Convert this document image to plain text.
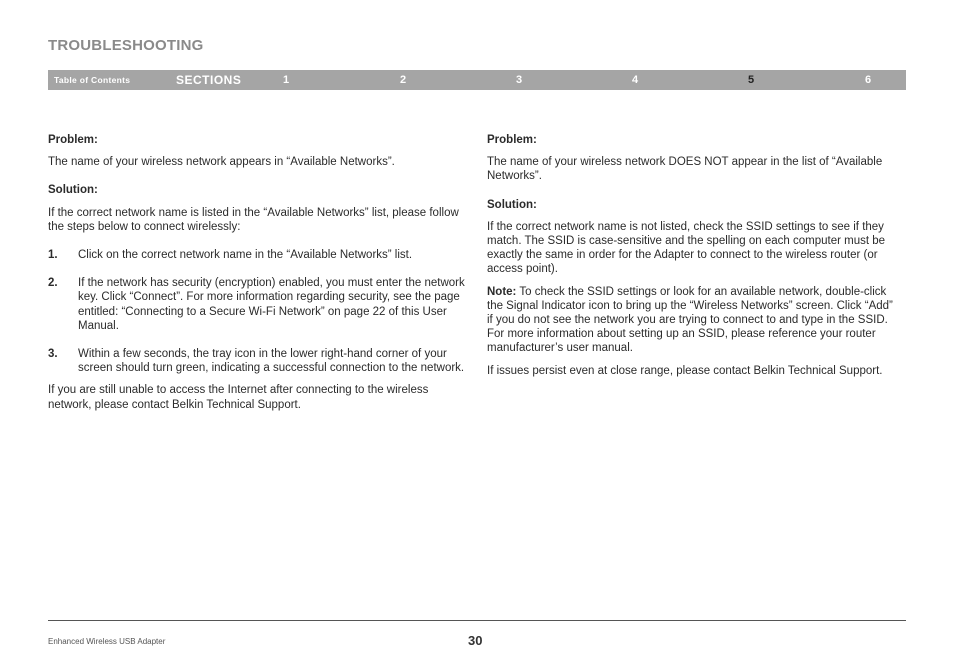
TROUBLESHOOTING
Table of Contents	SECTIONS	1	2	3	4	5	6

Problem:

The name of your wireless network appears in “Available Networks”.

Solution:

If the correct network name is listed in the “Available Networks” list, please follow the steps below to connect wirelessly:

1. Click on the correct network name in the “Available Networks” list.

2. If the network has security (encryption) enabled, you must enter the network key. Click “Connect”. For more information regarding security, see the page entitled: “Connecting to a Secure Wi-Fi Network” on page 22 of this User Manual.

3. Within a few seconds, the tray icon in the lower right-hand corner of your screen should turn green, indicating a successful connection to the network.

If you are still unable to access the Internet after connecting to the wireless network, please contact Belkin Technical Support.

Problem:

The name of your wireless network DOES NOT appear in the list of “Available Networks”.

Solution:

If the correct network name is not listed, check the SSID settings to see if they match. The SSID is case-sensitive and the spelling on each computer must be exactly the same in order for the Adapter to connect to the wireless router (or access point).

Note: To check the SSID settings or look for an available network, double-click the Signal Indicator icon to bring up the “Wireless Networks” screen. Click “Add” if you do not see the network you are trying to connect to and type in the SSID. For more information about setting up an SSID, please reference your router manufacturer’s user manual.

If issues persist even at close range, please contact Belkin Technical Support.

Enhanced Wireless USB Adapter	30
